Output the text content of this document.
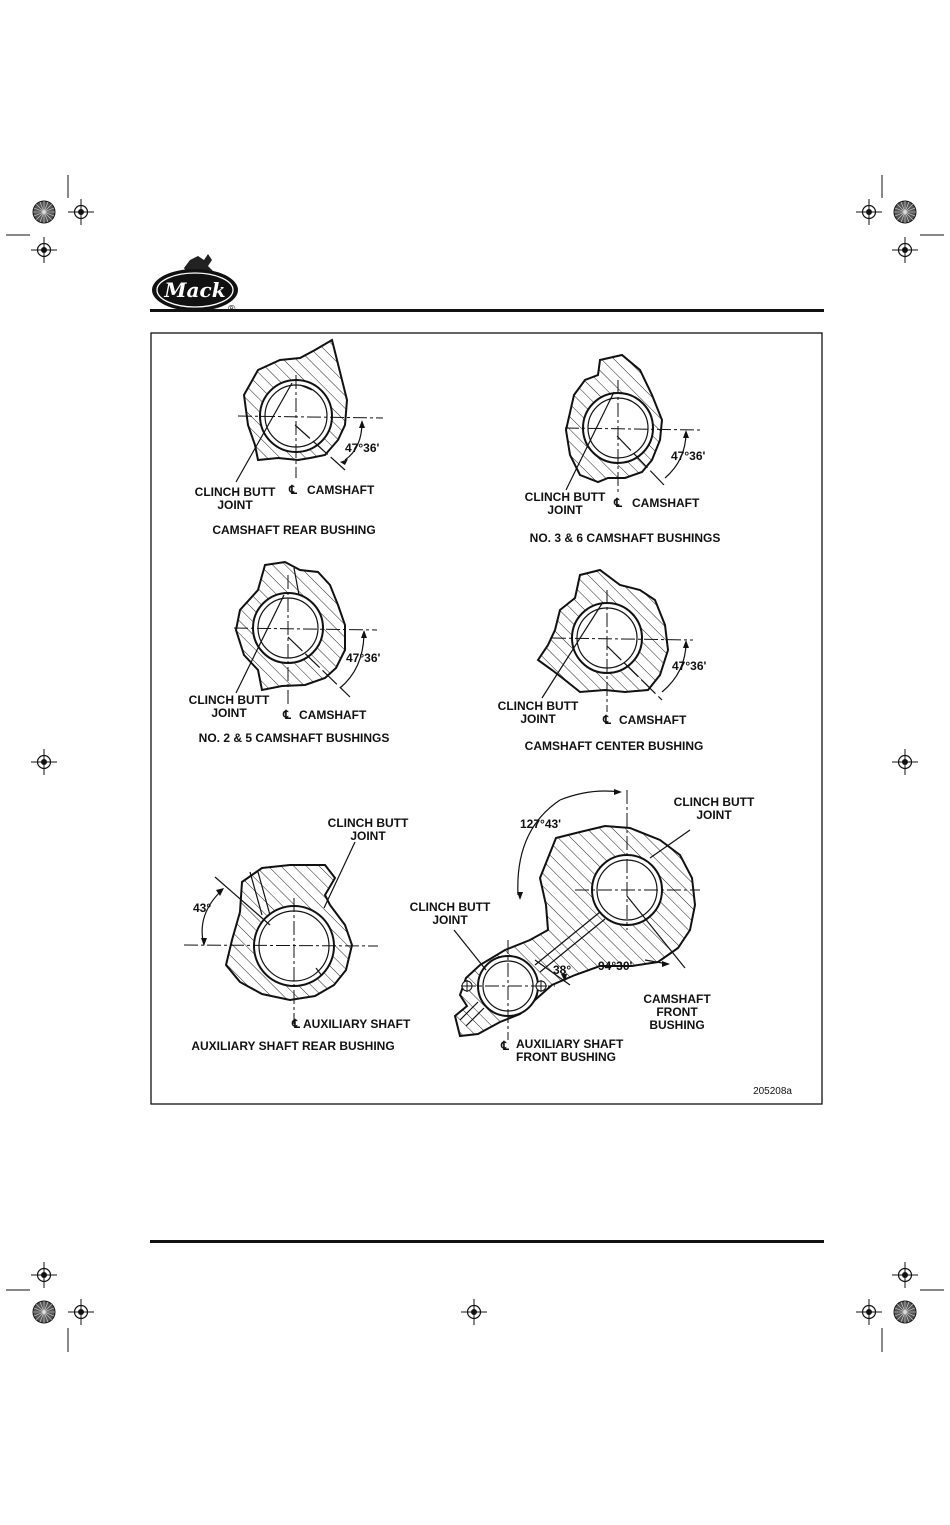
Mack
47°36'
CLINCH BUTT
JOINT
℄ CAMSHAFT
CAMSHAFT REAR BUSHING
47°36'
CLINCH BUTT
JOINT	℄ CAMSHAFT
NO. 3 & 6 CAMSHAFT BUSHINGS
47°36'
CLINCH BUTT
JOINT	℄ CAMSHAFT
NO. 2 & 5 CAMSHAFT BUSHINGS
47°36'
CLINCH BUTT
JOINT	℄ CAMSHAFT
CAMSHAFT CENTER BUSHING
43°
CLINCH BUTT
JOINT
℄ AUXILIARY SHAFT
AUXILIARY SHAFT REAR BUSHING
127°43'
38° 94°30'
CLINCH BUTT
JOINT
CLINCH BUTT
JOINT
CAMSHAFT
FRONT
BUSHING
℄ AUXILIARY SHAFT
FRONT BUSHING
205208a
